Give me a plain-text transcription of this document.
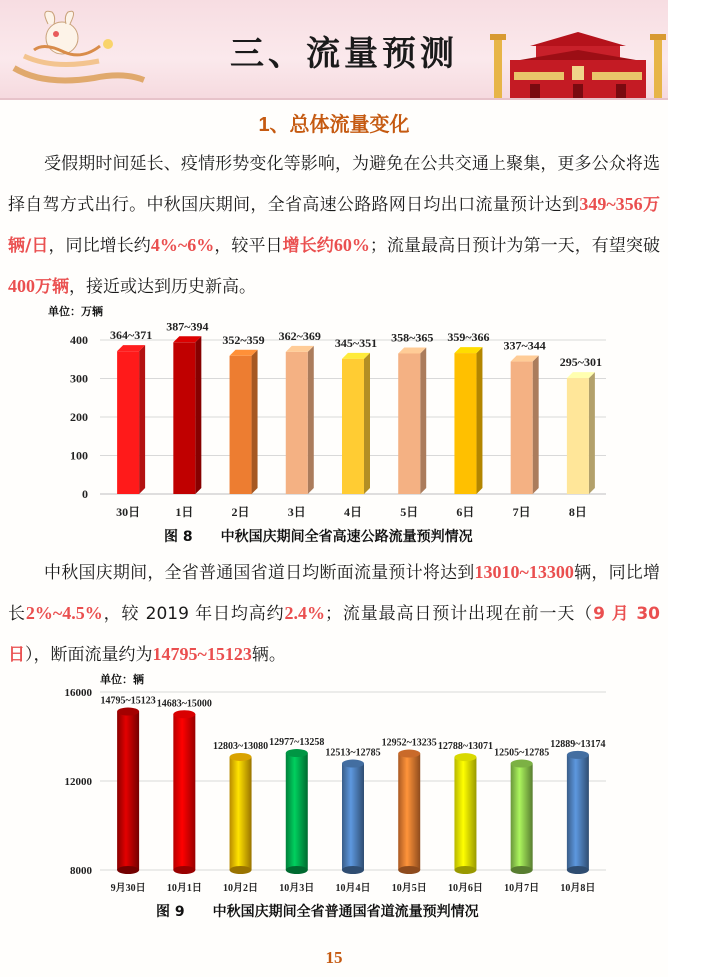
三、流量预测
1、总体流量变化
受假期时间延长、疫情形势变化等影响，为避免在公共交通上聚集，更多公众将选择自驾方式出行。中秋国庆期间，全省高速公路路网日均出口流量预计达到349~356万辆/日，同比增长约4%~6%，较平日增长约60%；流量最高日预计为第一天，有望突破400万辆，接近或达到历史新高。
单位：万辆
0
100
200
300
400 364~371
30日
387~394
1日
352~359
2日
362~369
3日
345~351
4日
358~365
5日
359~366
6日
337~344
7日
295~301
8日
图 8　　中秋国庆期间全省高速公路流量预判情况
中秋国庆期间，全省普通国省道日均断面流量预计将达到13010~13300辆，同比增长2%~4.5%，较 2019 年日均高约2.4%；流量最高日预计出现在前一天（9 月 30 日），断面流量约为14795~15123辆。
单位：辆
8000
12000
16000
14795~15123
9月30日
14683~15000
10月1日
12803~13080
10月2日
12977~13258
10月3日
12513~12785
10月4日
12952~13235
10月5日
12788~13071
10月6日
12505~12785
10月7日
12889~13174
10月8日
图 9　　中秋国庆期间全省普通国省道流量预判情况
15
